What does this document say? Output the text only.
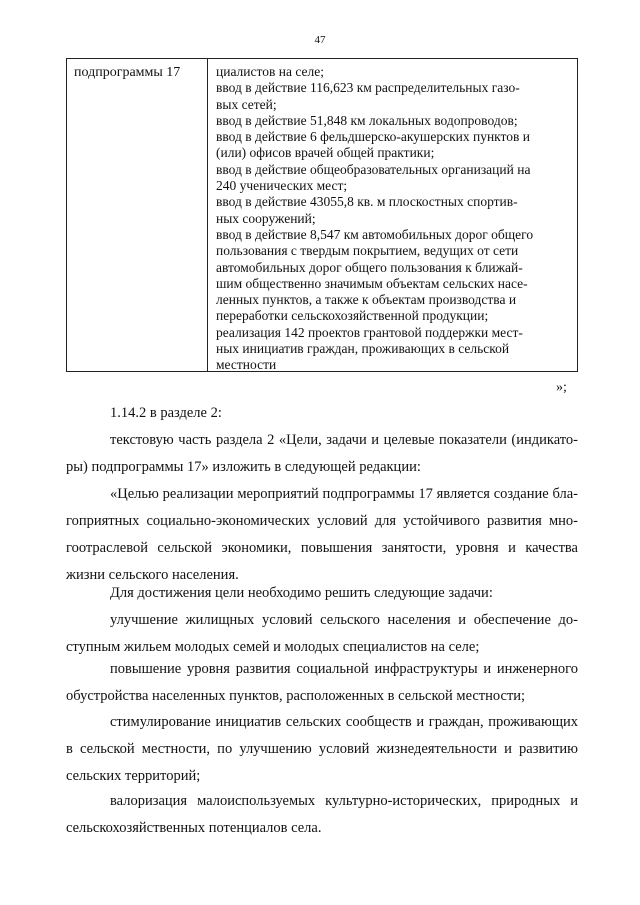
47
подпрограммы 17	циалистов на селе;
ввод в действие 116,623 км распределительных газо-
вых сетей;
ввод в действие 51,848 км локальных водопроводов;
ввод в действие 6 фельдшерско-акушерских пунктов и
(или) офисов врачей общей практики;
ввод в действие общеобразовательных организаций на
240 ученических мест;
ввод в действие 43055,8 кв. м плоскостных спортив-
ных сооружений;
ввод в действие 8,547 км автомобильных дорог общего
пользования с твердым покрытием, ведущих от сети
автомобильных дорог общего пользования к ближай-
шим общественно значимым объектам сельских насе-
ленных пунктов, а также к объектам производства и
переработки сельскохозяйственной продукции;
реализация 142 проектов грантовой поддержки мест-
ных инициатив граждан, проживающих в сельской
местности
»;
1.14.2 в разделе 2:
текстовую часть раздела 2 «Цели, задачи и целевые показатели (индикато-
ры) подпрограммы 17» изложить в следующей редакции:
«Целью реализации мероприятий подпрограммы 17 является создание бла-
гоприятных социально-экономических условий для устойчивого развития мно-
гоотраслевой сельской экономики, повышения занятости, уровня и качества
жизни сельского населения.
Для достижения цели необходимо решить следующие задачи:
улучшение жилищных условий сельского населения и обеспечение до-
ступным жильем молодых семей и молодых специалистов на селе;
повышение уровня развития социальной инфраструктуры и инженерного
обустройства населенных пунктов, расположенных в сельской местности;
стимулирование инициатив сельских сообществ и граждан, проживающих
в сельской местности, по улучшению условий жизнедеятельности и развитию
сельских территорий;
валоризация малоиспользуемых культурно-исторических, природных и
сельскохозяйственных потенциалов села.
